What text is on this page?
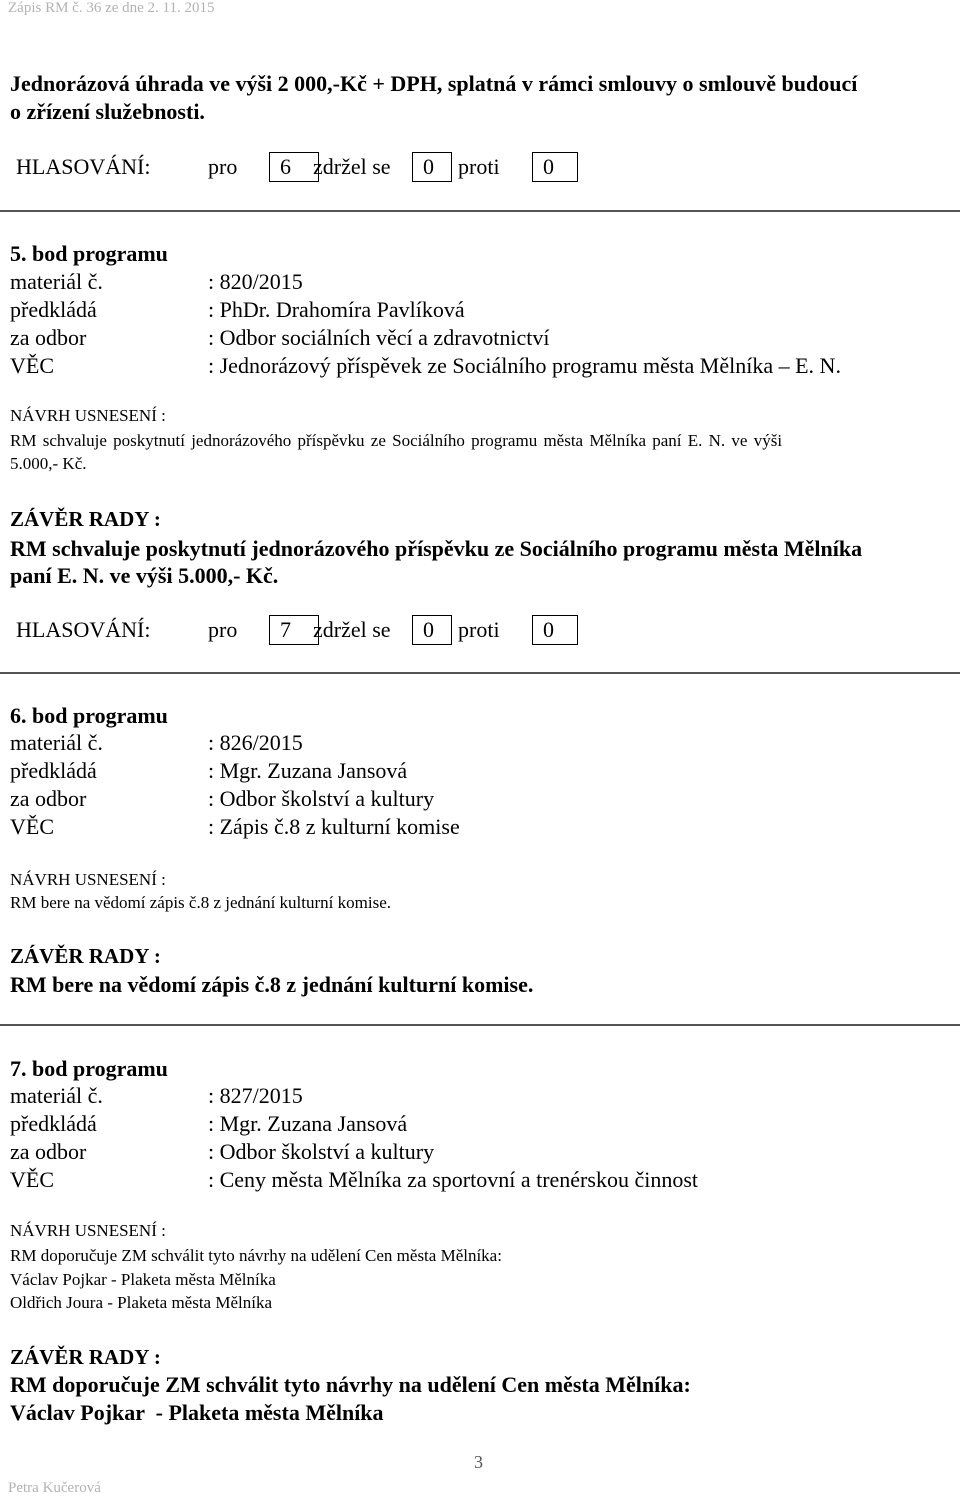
Zápis RM č. 36 ze dne 2. 11. 2015
Jednorázová úhrada ve výši 2 000,-Kč + DPH, splatná v rámci smlouvy o smlouvě budoucí
o zřízení služebnosti.
HLASOVÁNÍ:	pro	6	zdržel se	0	proti	0
5. bod programu
materiál č.	: 820/2015
předkládá	: PhDr. Drahomíra Pavlíková
za odbor	: Odbor sociálních věcí a zdravotnictví
VĚC	: Jednorázový příspěvek ze Sociálního programu města Mělníka – E. N.
NÁVRH USNESENÍ :
RM schvaluje poskytnutí jednorázového příspěvku ze Sociálního programu města Mělníka paní E. N. ve výši
5.000,- Kč.
ZÁVĚR RADY :
RM schvaluje poskytnutí jednorázového příspěvku ze Sociálního programu města Mělníka
paní E. N. ve výši 5.000,- Kč.
HLASOVÁNÍ:	pro	7	zdržel se	0	proti	0
6. bod programu
materiál č.	: 826/2015
předkládá	: Mgr. Zuzana Jansová
za odbor	: Odbor školství a kultury
VĚC	: Zápis č.8 z kulturní komise
NÁVRH USNESENÍ :
RM bere na vědomí zápis č.8 z jednání kulturní komise.
ZÁVĚR RADY :
RM bere na vědomí zápis č.8 z jednání kulturní komise.
7. bod programu
materiál č.	: 827/2015
předkládá	: Mgr. Zuzana Jansová
za odbor	: Odbor školství a kultury
VĚC	: Ceny města Mělníka za sportovní a trenérskou činnost
NÁVRH USNESENÍ :
RM doporučuje ZM schválit tyto návrhy na udělení Cen města Mělníka:
Václav Pojkar - Plaketa města Mělníka
Oldřich Joura - Plaketa města Mělníka
ZÁVĚR RADY :
RM doporučuje ZM schválit tyto návrhy na udělení Cen města Mělníka:
Václav Pojkar  - Plaketa města Mělníka
3
Petra Kučerová
